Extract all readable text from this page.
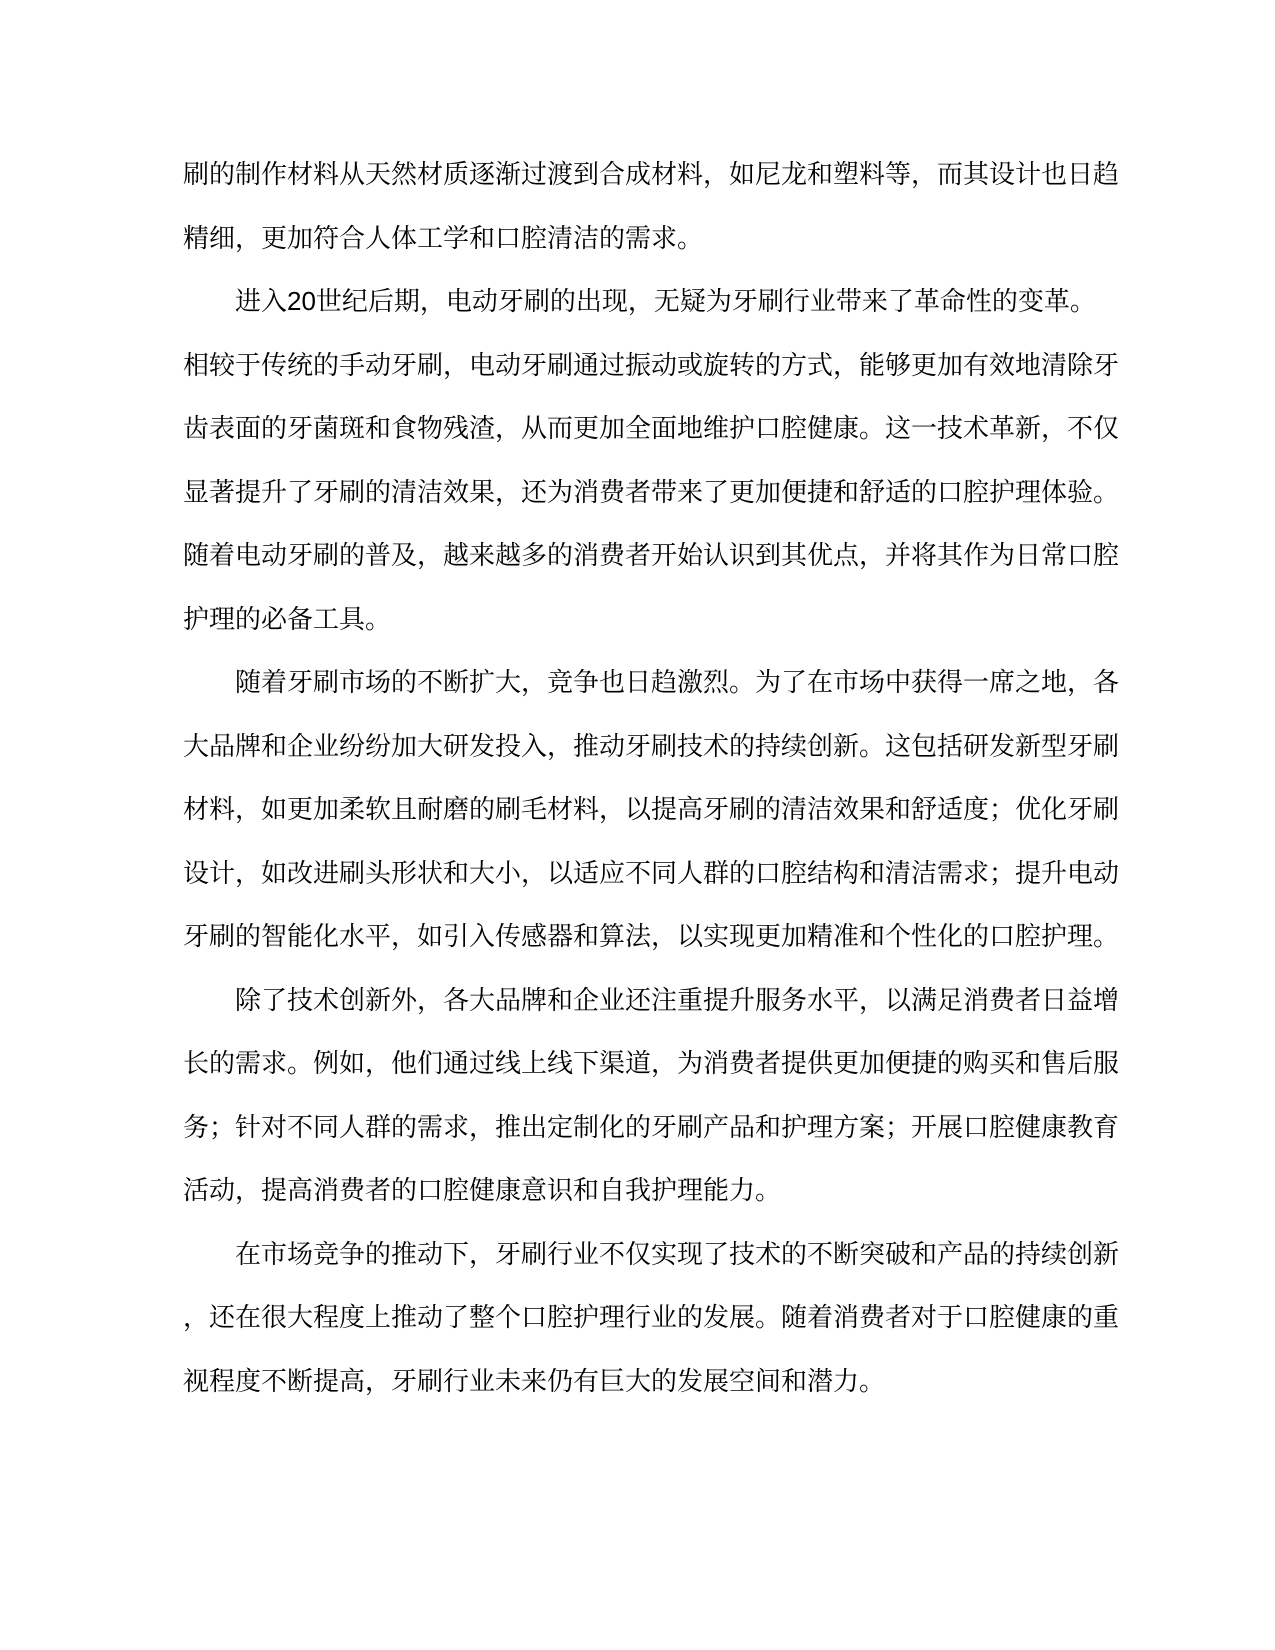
刷的制作材料从天然材质逐渐过渡到合成材料，如尼龙和塑料等，而其设计也日趋
精细，更加符合人体工学和口腔清洁的需求。
进入20世纪后期，电动牙刷的出现，无疑为牙刷行业带来了革命性的变革。
相较于传统的手动牙刷，电动牙刷通过振动或旋转的方式，能够更加有效地清除牙
齿表面的牙菌斑和食物残渣，从而更加全面地维护口腔健康。这一技术革新，不仅
显著提升了牙刷的清洁效果，还为消费者带来了更加便捷和舒适的口腔护理体验。
随着电动牙刷的普及，越来越多的消费者开始认识到其优点，并将其作为日常口腔
护理的必备工具。
随着牙刷市场的不断扩大，竞争也日趋激烈。为了在市场中获得一席之地，各
大品牌和企业纷纷加大研发投入，推动牙刷技术的持续创新。这包括研发新型牙刷
材料，如更加柔软且耐磨的刷毛材料，以提高牙刷的清洁效果和舒适度；优化牙刷
设计，如改进刷头形状和大小，以适应不同人群的口腔结构和清洁需求；提升电动
牙刷的智能化水平，如引入传感器和算法，以实现更加精准和个性化的口腔护理。
除了技术创新外，各大品牌和企业还注重提升服务水平，以满足消费者日益增
长的需求。例如，他们通过线上线下渠道，为消费者提供更加便捷的购买和售后服
务；针对不同人群的需求，推出定制化的牙刷产品和护理方案；开展口腔健康教育
活动，提高消费者的口腔健康意识和自我护理能力。
在市场竞争的推动下，牙刷行业不仅实现了技术的不断突破和产品的持续创新
，还在很大程度上推动了整个口腔护理行业的发展。随着消费者对于口腔健康的重
视程度不断提高，牙刷行业未来仍有巨大的发展空间和潜力。
